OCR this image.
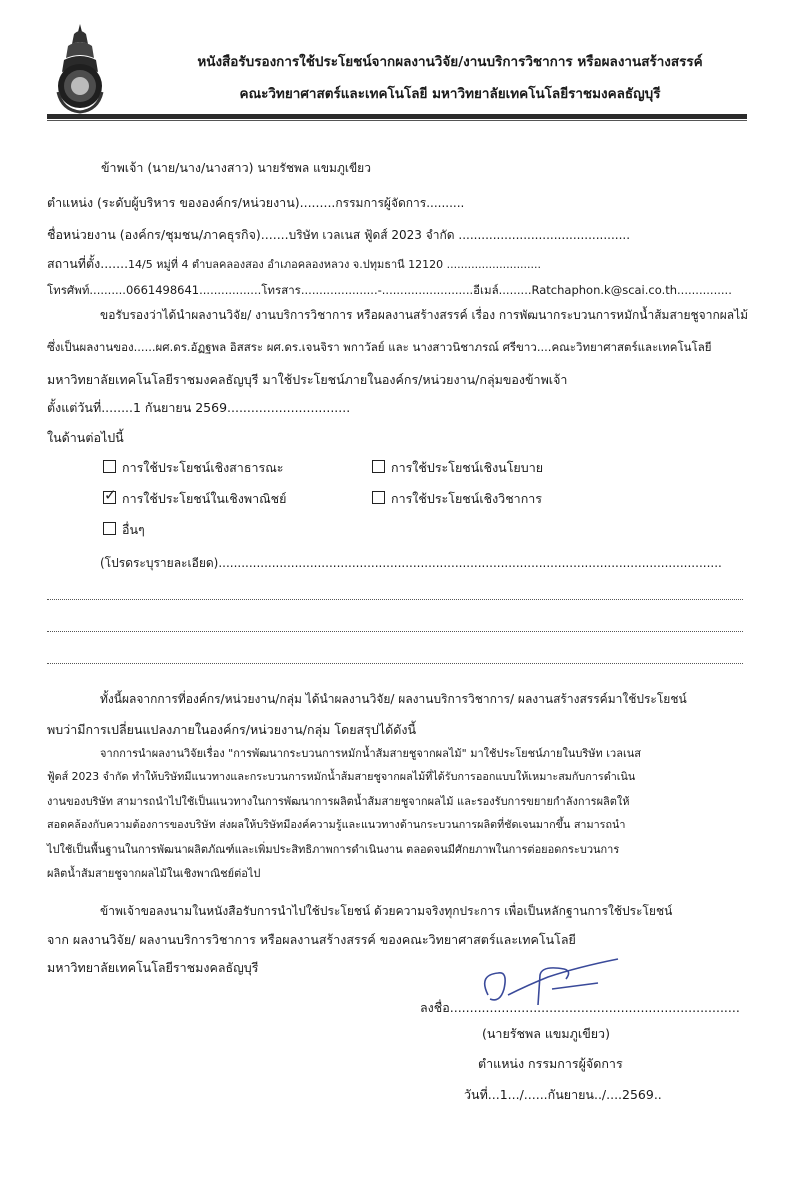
หนังสือรับรองการใช้ประโยชน์จากผลงานวิจัย/งานบริการวิชาการ หรือผลงานสร้างสรรค์
คณะวิทยาศาสตร์และเทคโนโลยี มหาวิทยาลัยเทคโนโลยีราชมงคลธัญบุรี
ข้าพเจ้า (นาย/นาง/นางสาว) นายรัชพล แขมภูเขียว
ตำแหน่ง (ระดับผู้บริหาร ขององค์กร/หน่วยงาน).........กรรมการผู้จัดการ..........
ชื่อหน่วยงาน (องค์กร/ชุมชน/ภาคธุรกิจ).......บริษัท เวลเนส ฟู้ดส์ 2023 จำกัด .............................................
สถานที่ตั้ง.......14/5 หมู่ที่ 4 ตำบลคลองสอง อำเภอคลองหลวง จ.ปทุมธานี 12120 ...........................
โทรศัพท์..........0661498641.................โทรสาร.....................-.........................อีเมล์.........Ratchaphon.k@scai.co.th...............
ขอรับรองว่าได้นำผลงานวิจัย/ งานบริการวิชาการ หรือผลงานสร้างสรรค์ เรื่อง การพัฒนากระบวนการหมักน้ำส้มสายชูจากผลไม้
ซึ่งเป็นผลงานของ......ผศ.ดร.อัฏฐพล อิสสระ ผศ.ดร.เจนจิรา พกาวัลย์ และ นางสาวนิชาภรณ์ ศรีขาว....คณะวิทยาศาสตร์และเทคโนโลยี
มหาวิทยาลัยเทคโนโลยีราชมงคลธัญบุรี มาใช้ประโยชน์ภายในองค์กร/หน่วยงาน/กลุ่มของข้าพเจ้า
ตั้งแต่วันที่........1 กันยายน 2569...............................
ในด้านต่อไปนี้
การใช้ประโยชน์เชิงสาธารณะ	การใช้ประโยชน์เชิงนโยบาย
✓การใช้ประโยชน์ในเชิงพาณิชย์	การใช้ประโยชน์เชิงวิชาการ
อื่นๆ
(โปรดระบุรายละเอียด)....................................................................................................................................
ทั้งนี้ผลจากการที่องค์กร/หน่วยงาน/กลุ่ม ได้นำผลงานวิจัย/ ผลงานบริการวิชาการ/ ผลงานสร้างสรรค์มาใช้ประโยชน์
พบว่ามีการเปลี่ยนแปลงภายในองค์กร/หน่วยงาน/กลุ่ม โดยสรุปได้ดังนี้
จากการนำผลงานวิจัยเรื่อง "การพัฒนากระบวนการหมักน้ำส้มสายชูจากผลไม้" มาใช้ประโยชน์ภายในบริษัท เวลเนส
ฟู้ดส์ 2023 จำกัด ทำให้บริษัทมีแนวทางและกระบวนการหมักน้ำส้มสายชูจากผลไม้ที่ได้รับการออกแบบให้เหมาะสมกับการดำเนิน
งานของบริษัท สามารถนำไปใช้เป็นแนวทางในการพัฒนาการผลิตน้ำส้มสายชูจากผลไม้ และรองรับการขยายกำลังการผลิตให้
สอดคล้องกับความต้องการของบริษัท ส่งผลให้บริษัทมีองค์ความรู้และแนวทางด้านกระบวนการผลิตที่ชัดเจนมากขึ้น สามารถนำ
ไปใช้เป็นพื้นฐานในการพัฒนาผลิตภัณฑ์และเพิ่มประสิทธิภาพการดำเนินงาน ตลอดจนมีศักยภาพในการต่อยอดกระบวนการ
ผลิตน้ำส้มสายชูจากผลไม้ในเชิงพาณิชย์ต่อไป
ข้าพเจ้าขอลงนามในหนังสือรับการนำไปใช้ประโยชน์ ด้วยความจริงทุกประการ เพื่อเป็นหลักฐานการใช้ประโยชน์
จาก ผลงานวิจัย/ ผลงานบริการวิชาการ หรือผลงานสร้างสรรค์ ของคณะวิทยาศาสตร์และเทคโนโลยี
มหาวิทยาลัยเทคโนโลยีราชมงคลธัญบุรี
ลงชื่อ.........................................................................
(นายรัชพล แขมภูเขียว)
ตำแหน่ง กรรมการผู้จัดการ
วันที่...1.../......กันยายน../....2569..
